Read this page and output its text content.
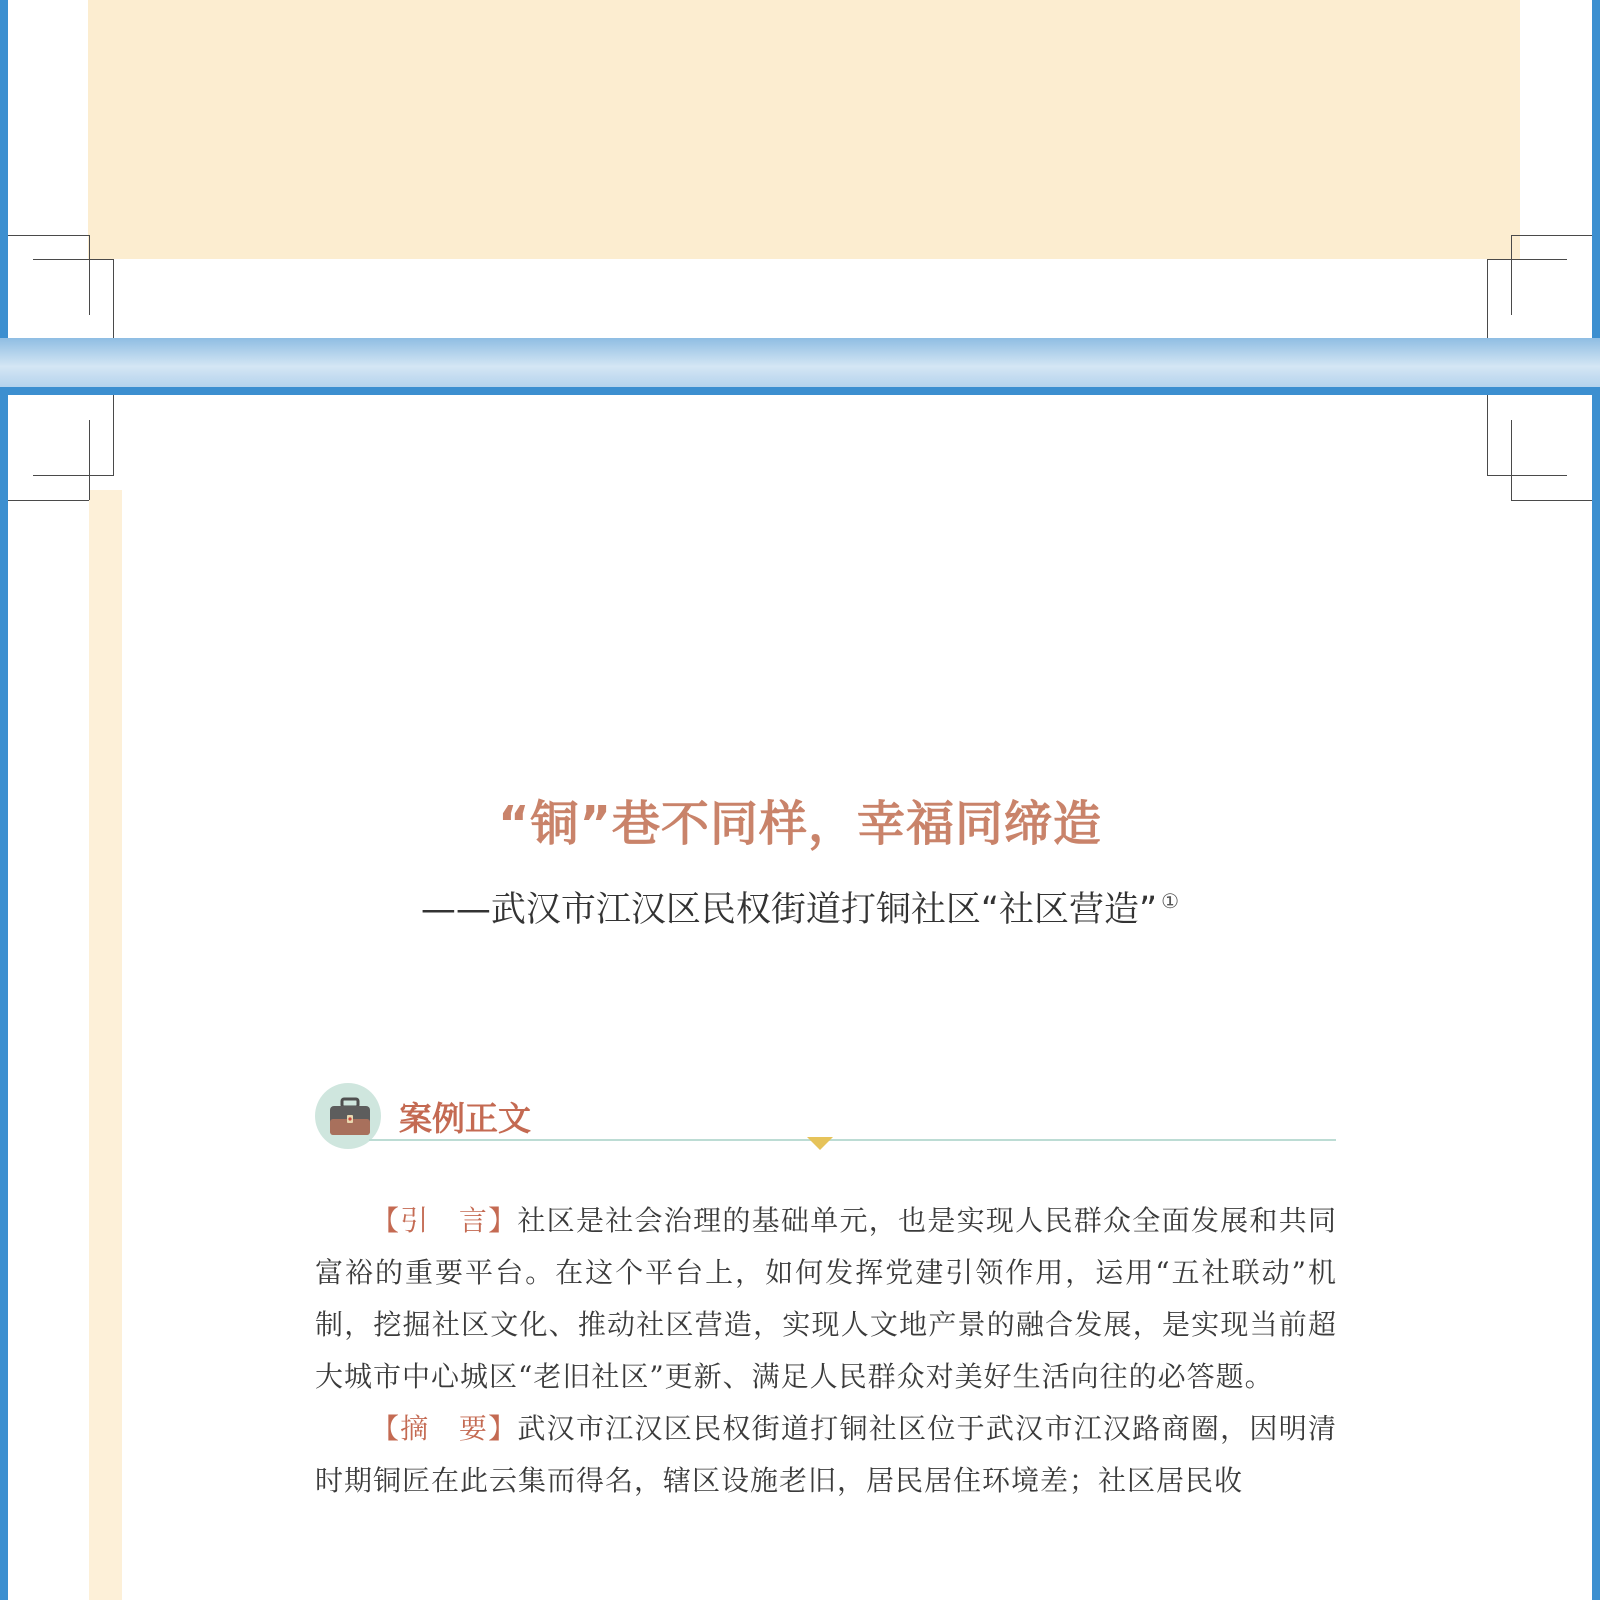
“铜”巷不同样，幸福同缔造
——武汉市江汉区民权街道打铜社区“社区营造” ①
案例正文

【引　言】社区是社会治理的基础单元，也是实现人民群众全面发展和共同富裕的重要平台。在这个平台上，如何发挥党建引领作用，运用“五社联动”机制，挖掘社区文化、推动社区营造，实现人文地产景的融合发展，是实现当前超大城市中心城区“老旧社区”更新、满足人民群众对美好生活向往的必答题。

【摘　要】武汉市江汉区民权街道打铜社区位于武汉市江汉路商圈，因明清时期铜匠在此云集而得名，辖区设施老旧，居民居住环境差；社区居民收
